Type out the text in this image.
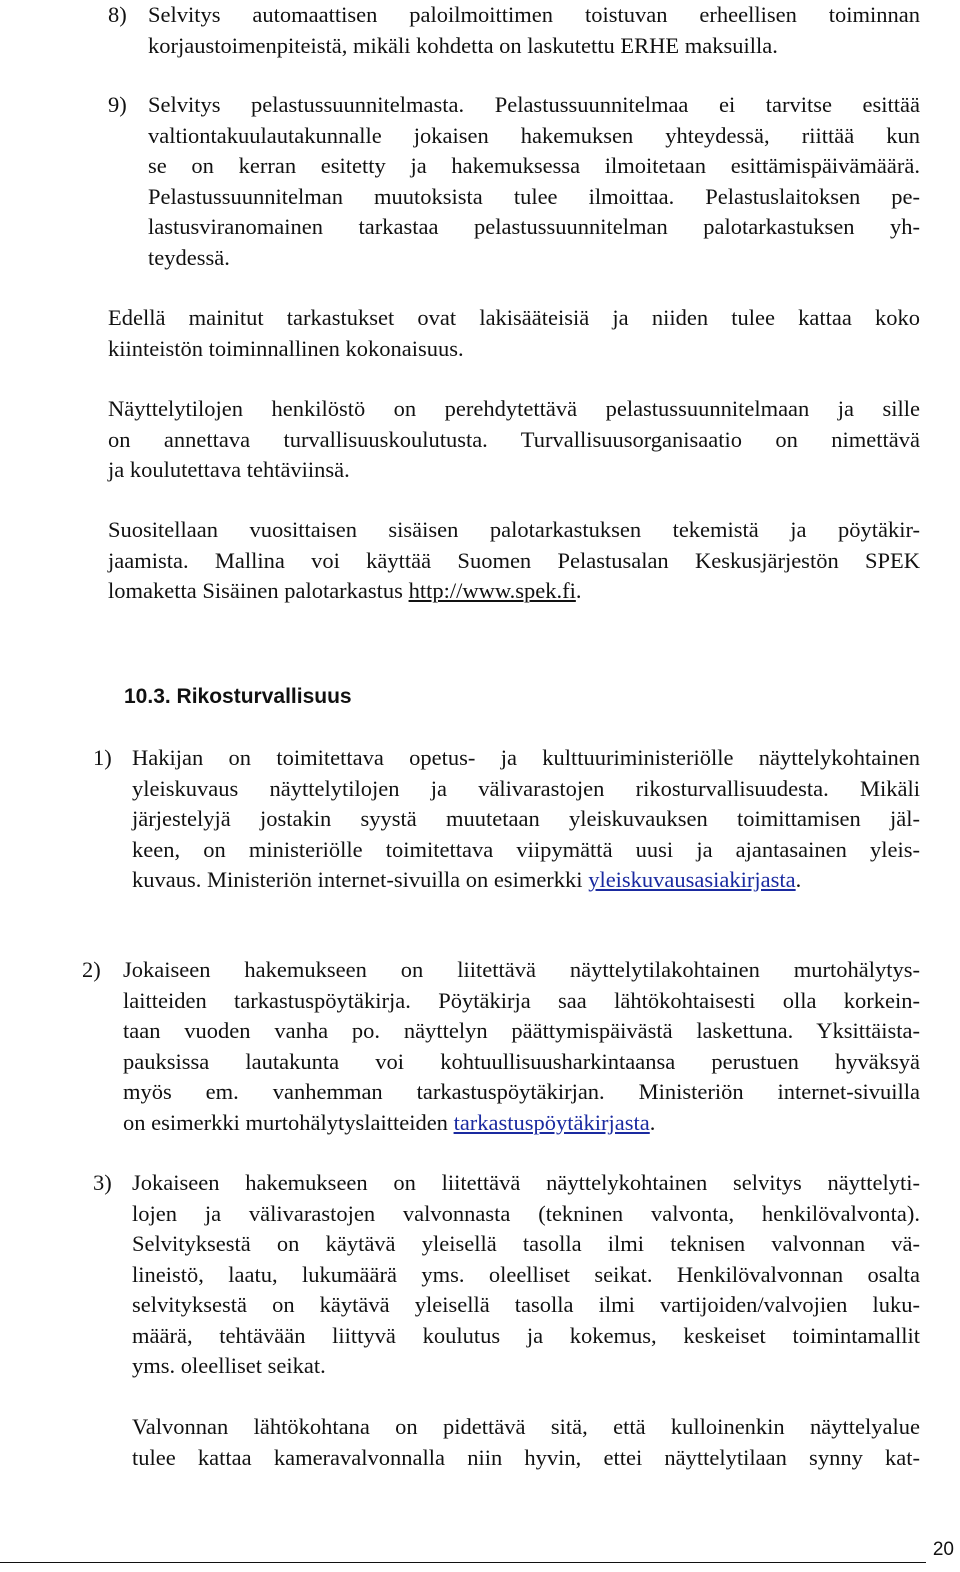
8) Selvitys automaattisen paloilmoittimen toistuvan erheellisen toiminnan
korjaustoimenpiteistä, mikäli kohdetta on laskutettu ERHE maksuilla.
9) Selvitys pelastussuunnitelmasta. Pelastussuunnitelmaa ei tarvitse esittää
valtiontakuulautakunnalle jokaisen hakemuksen yhteydessä, riittää kun
se on kerran esitetty ja hakemuksessa ilmoitetaan esittämispäivämäärä.
Pelastussuunnitelman muutoksista tulee ilmoittaa. Pelastuslaitoksen pe-
lastusviranomainen tarkastaa pelastussuunnitelman palotarkastuksen yh-
teydessä.
Edellä mainitut tarkastukset ovat lakisääteisiä ja niiden tulee kattaa koko
kiinteistön toiminnallinen kokonaisuus.
Näyttelytilojen henkilöstö on perehdytettävä pelastussuunnitelmaan ja sille
on annettava turvallisuuskoulutusta. Turvallisuusorganisaatio on nimettävä
ja koulutettava tehtäviinsä.
Suositellaan vuosittaisen sisäisen palotarkastuksen tekemistä ja pöytäkir-
jaamista. Mallina voi käyttää Suomen Pelastusalan Keskusjärjestön SPEK
lomaketta Sisäinen palotarkastus http://www.spek.fi.
10.3. Rikosturvallisuus
1) Hakijan on toimitettava opetus- ja kulttuuriministeriölle näyttelykohtainen
yleiskuvaus näyttelytilojen ja välivarastojen rikosturvallisuudesta. Mikäli
järjestelyjä jostakin syystä muutetaan yleiskuvauksen toimittamisen jäl-
keen, on ministeriölle toimitettava viipymättä uusi ja ajantasainen yleis-
kuvaus. Ministeriön internet-sivuilla on esimerkki yleiskuvausasiakirjasta.
2) Jokaiseen hakemukseen on liitettävä näyttelytilakohtainen murtohälytys-
laitteiden tarkastuspöytäkirja. Pöytäkirja saa lähtökohtaisesti olla korkein-
taan vuoden vanha po. näyttelyn päättymispäivästä laskettuna. Yksittäista-
pauksissa lautakunta voi kohtuullisuusharkintaansa perustuen hyväksyä
myös em. vanhemman tarkastuspöytäkirjan. Ministeriön internet-sivuilla
on esimerkki murtohälytyslaitteiden tarkastuspöytäkirjasta.
3) Jokaiseen hakemukseen on liitettävä näyttelykohtainen selvitys näyttelyti-
lojen ja välivarastojen valvonnasta (tekninen valvonta, henkilövalvonta).
Selvityksestä on käytävä yleisellä tasolla ilmi teknisen valvonnan vä-
lineistö, laatu, lukumäärä yms. oleelliset seikat. Henkilövalvonnan osalta
selvityksestä on käytävä yleisellä tasolla ilmi vartijoiden/valvojien luku-
määrä, tehtävään liittyvä koulutus ja kokemus, keskeiset toimintamallit
yms. oleelliset seikat.
Valvonnan lähtökohtana on pidettävä sitä, että kulloinenkin näyttelyalue
tulee kattaa kameravalvonnalla niin hyvin, ettei näyttelytilaan synny kat-
20
